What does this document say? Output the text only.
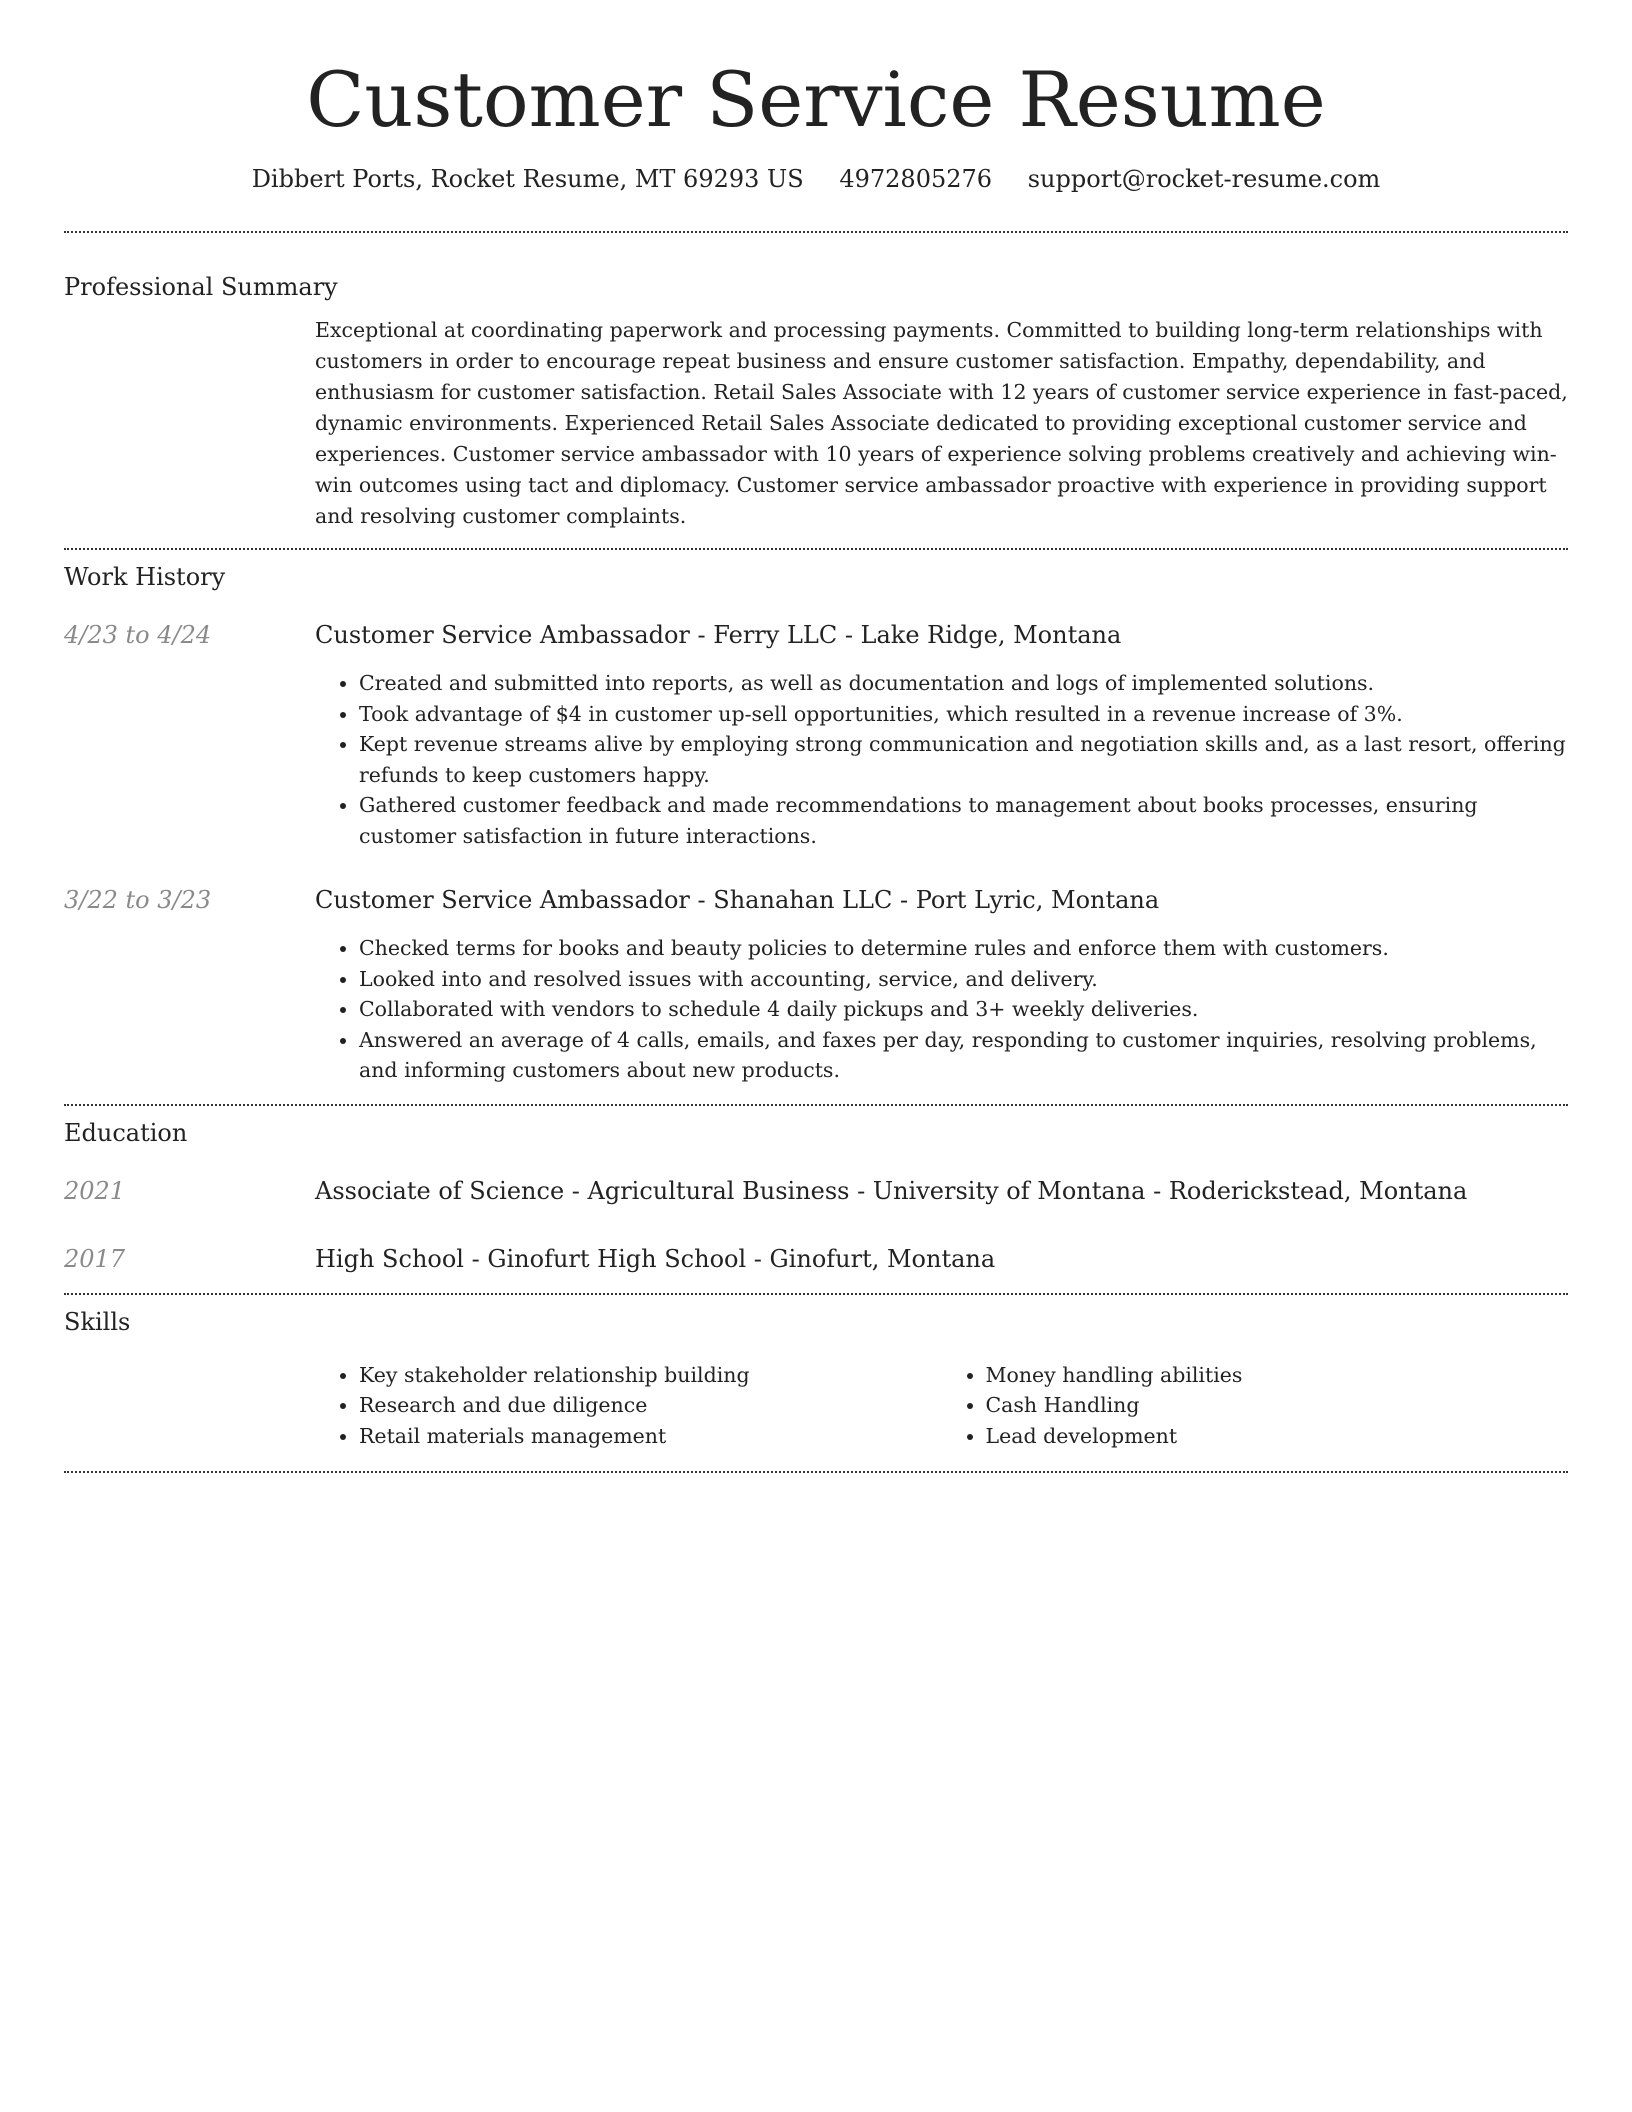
Customer Service Resume
Dibbert Ports, Rocket Resume, MT 69293 US 4972805276 support@rocket-resume.com
Professional Summary

Exceptional at coordinating paperwork and processing payments. Committed to building long-term relationships with customers in order to encourage repeat business and ensure customer satisfaction. Empathy, dependability, and enthusiasm for customer satisfaction. Retail Sales Associate with 12 years of customer service experience in fast-paced, dynamic environments. Experienced Retail Sales Associate dedicated to providing exceptional customer service and experiences. Customer service ambassador with 10 years of experience solving problems creatively and achieving win-win outcomes using tact and diplomacy. Customer service ambassador proactive with experience in providing support and resolving customer complaints.

Work History
4/23 to 4/24	Customer Service Ambassador - Ferry LLC - Lake Ridge, Montana
• Created and submitted into reports, as well as documentation and logs of implemented solutions.
• Took advantage of $4 in customer up-sell opportunities, which resulted in a revenue increase of 3%.
• Kept revenue streams alive by employing strong communication and negotiation skills and, as a last resort, offering refunds to keep customers happy.
• Gathered customer feedback and made recommendations to management about books processes, ensuring customer satisfaction in future interactions.
3/22 to 3/23	Customer Service Ambassador - Shanahan LLC - Port Lyric, Montana
• Checked terms for books and beauty policies to determine rules and enforce them with customers.
• Looked into and resolved issues with accounting, service, and delivery.
• Collaborated with vendors to schedule 4 daily pickups and 3+ weekly deliveries.
• Answered an average of 4 calls, emails, and faxes per day, responding to customer inquiries, resolving problems, and informing customers about new products.
Education
2021	Associate of Science - Agricultural Business - University of Montana - Roderickstead, Montana
2017	High School - Ginofurt High School - Ginofurt, Montana
Skills
• Key stakeholder relationship building
• Research and due diligence
• Retail materials management
• Money handling abilities
• Cash Handling
• Lead development
